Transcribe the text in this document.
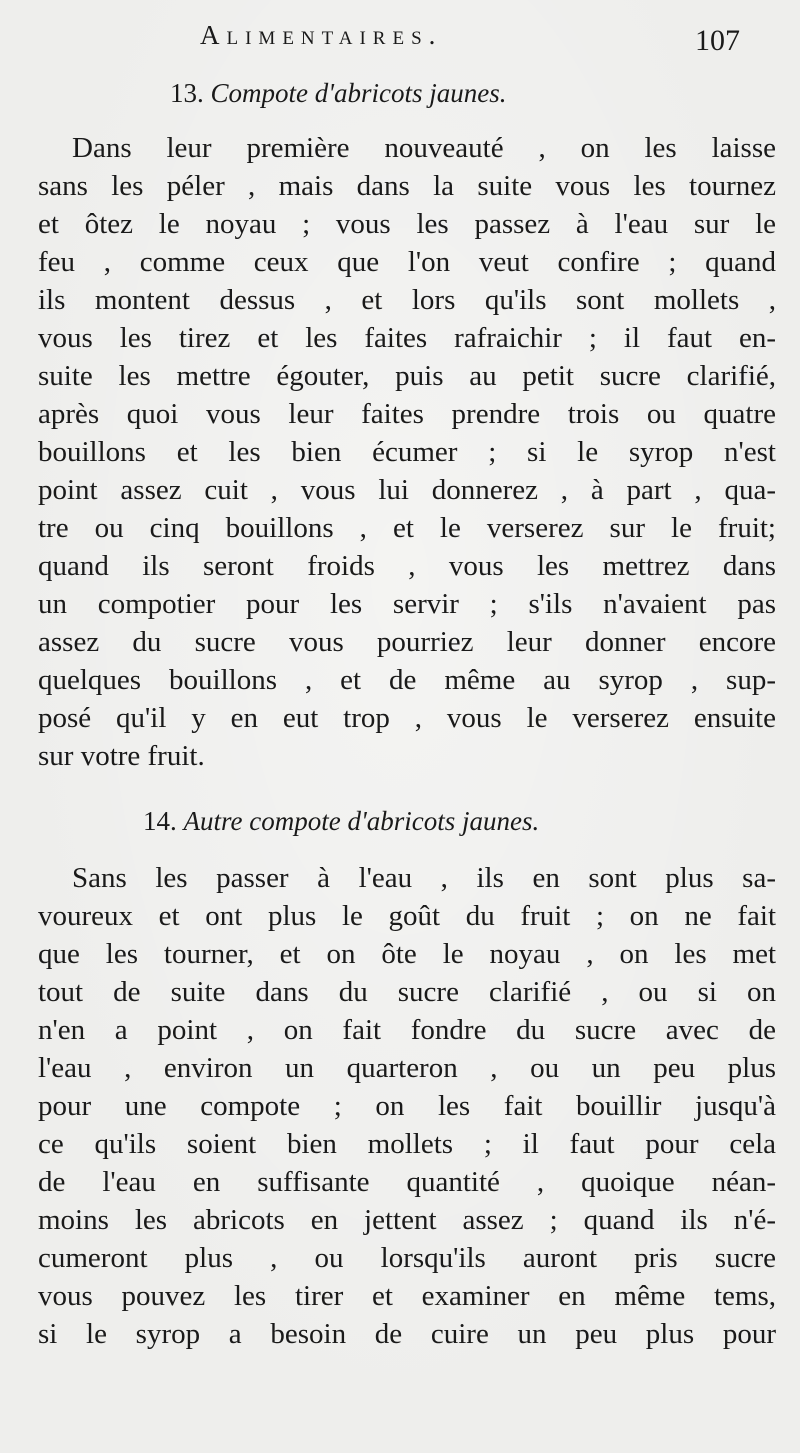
Alimentaires.	107
13. Compote d'abricots jaunes.
Dans leur première nouveauté , on les laisse
sans les péler , mais dans la suite vous les tournez
et ôtez le noyau ; vous les passez à l'eau sur le
feu , comme ceux que l'on veut confire ; quand
ils montent dessus , et lors qu'ils sont mollets ,
vous les tirez et les faites rafraichir ; il faut en-
suite les mettre égouter, puis au petit sucre clarifié,
après quoi vous leur faites prendre trois ou quatre
bouillons et les bien écumer ; si le syrop n'est
point assez cuit , vous lui donnerez , à part , qua-
tre ou cinq bouillons , et le verserez sur le fruit;
quand ils seront froids , vous les mettrez dans
un compotier pour les servir ; s'ils n'avaient pas
assez du sucre vous pourriez leur donner encore
quelques bouillons , et de même au syrop , sup-
posé qu'il y en eut trop , vous le verserez ensuite
sur votre fruit.
14. Autre compote d'abricots jaunes.
Sans les passer à l'eau , ils en sont plus sa-
voureux et ont plus le goût du fruit ; on ne fait
que les tourner, et on ôte le noyau , on les met
tout de suite dans du sucre clarifié , ou si on
n'en a point , on fait fondre du sucre avec de
l'eau , environ un quarteron , ou un peu plus
pour une compote ; on les fait bouillir jusqu'à
ce qu'ils soient bien mollets ; il faut pour cela
de l'eau en suffisante quantité , quoique néan-
moins les abricots en jettent assez ; quand ils n'é-
cumeront plus , ou lorsqu'ils auront pris sucre
vous pouvez les tirer et examiner en même tems,
si le syrop a besoin de cuire un peu plus pour
